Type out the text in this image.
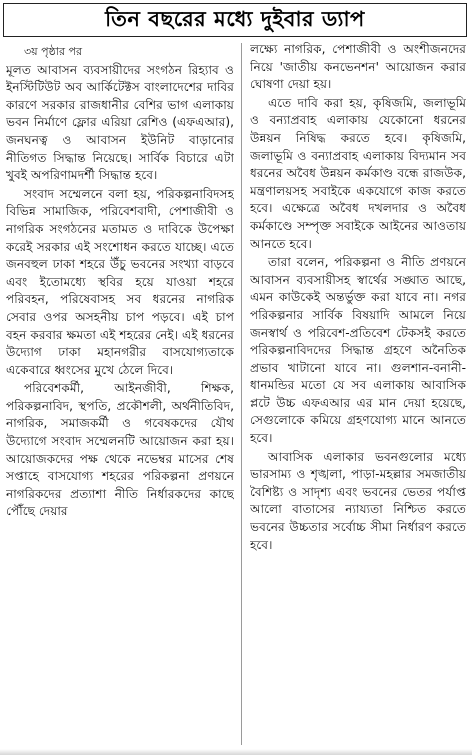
তিন বছরের মধ্যে দুইবার ড্যাপ
৩য় পৃষ্ঠার পর

মূলত আবাসন ব্যবসায়ীদের সংগঠন রিহ্যাব ও ইনস্টিটিউট অব আর্কিটেক্টস বাংলাদেশের দাবির কারণে সরকার রাজধানীর বেশির ভাগ এলাকায় ভবন নির্মাণে ফ্লোর এরিয়া রেশিও (এফএআর), জনঘনত্ব ও আবাসন ইউনিট বাড়ানোর নীতিগত সিদ্ধান্ত নিয়েছে। সার্বিক বিচারে এটা খুবই অপরিণামদর্শী সিদ্ধান্ত হবে।

সংবাদ সম্মেলনে বলা হয়, পরিকল্পনাবিদসহ বিভিন্ন সামাজিক, পরিবেশবাদী, পেশাজীবী ও নাগরিক সংগঠনের মতামত ও দাবিকে উপেক্ষা করেই সরকার এই সংশোধন করতে যাচ্ছে। এতে জনবহুল ঢাকা শহরে উঁচু ভবনের সংখ্যা বাড়বে এবং ইতোমধ্যে স্থবির হয়ে যাওয়া শহরে পরিবহন, পরিষেবাসহ সব ধরনের নাগরিক সেবার ওপর অসহনীয় চাপ পড়বে। এই চাপ বহন করবার ক্ষমতা এই শহরের নেই। এই ধরনের উদ্যোগ ঢাকা মহানগরীর বাসযোগ্যতাকে একেবারে ধ্বংসের মুখে ঠেলে দিবে।

পরিবেশকর্মী, আইনজীবী, শিক্ষক, পরিকল্পনাবিদ, স্থপতি, প্রকৌশলী, অর্থনীতিবিদ, নাগরিক, সমাজকর্মী ও গবেষকদের যৌথ উদ্যোগে সংবাদ সম্মেলনটি আয়োজন করা হয়। আয়োজকদের পক্ষ থেকে নভেম্বর মাসের শেষ সপ্তাহে বাসযোগ্য শহরের পরিকল্পনা প্রণয়নে নাগরিকদের প্রত্যাশা নীতি নির্ধারকদের কাছে পৌঁছে দেয়ার

লক্ষ্যে নাগরিক, পেশাজীবী ও অংশীজনদের নিয়ে 'জাতীয় কনভেনশন' আয়োজন করার ঘোষণা দেয়া হয়।

এতে দাবি করা হয়, কৃষিজমি, জলাভূমি ও বন্যাপ্রবাহ এলাকায় যেকোনো ধরনের উন্নয়ন নিষিদ্ধ করতে হবে। কৃষিজমি, জলাভূমি ও বন্যাপ্রবাহ এলাকায় বিদ্যমান সব ধরনের অবৈধ উন্নয়ন কর্মকাণ্ড বন্ধে রাজউক, মন্ত্রণালয়সহ সবাইকে একযোগে কাজ করতে হবে। এক্ষেত্রে অবৈধ দখলদার ও অবৈধ কর্মকাণ্ডে সম্পৃক্ত সবাইকে আইনের আওতায় আনতে হবে।

তারা বলেন, পরিকল্পনা ও নীতি প্রণয়নে আবাসন ব্যবসায়ীসহ স্বার্থের সঙ্ঘাত আছে, এমন কাউকেই অন্তর্ভুক্ত করা যাবে না। নগর পরিকল্পনার সার্বিক বিষয়াদি আমলে নিয়ে জনস্বার্থ ও পরিবেশ-প্রতিবেশ টেকসই করতে পরিকল্পনাবিদদের সিদ্ধান্ত গ্রহণে অনৈতিক প্রভাব খাটানো যাবে না। গুলশান-বনানী-ধানমন্ডির মতো যে সব এলাকায় আবাসিক প্লটে উচ্চ এফএআর এর মান দেয়া হয়েছে, সেগুলোকে কমিয়ে গ্রহণযোগ্য মানে আনতে হবে।

আবাসিক এলাকার ভবনগুলোর মধ্যে ভারসাম্য ও শৃঙ্খলা, পাড়া-মহল্লার সমজাতীয় বৈশিষ্ট্য ও সাদৃশ্য এবং ভবনের ভেতর পর্যাপ্ত আলো বাতাসের ন্যায্যতা নিশ্চিত করতে ভবনের উচ্চতার সর্বোচ্চ সীমা নির্ধারণ করতে হবে।
